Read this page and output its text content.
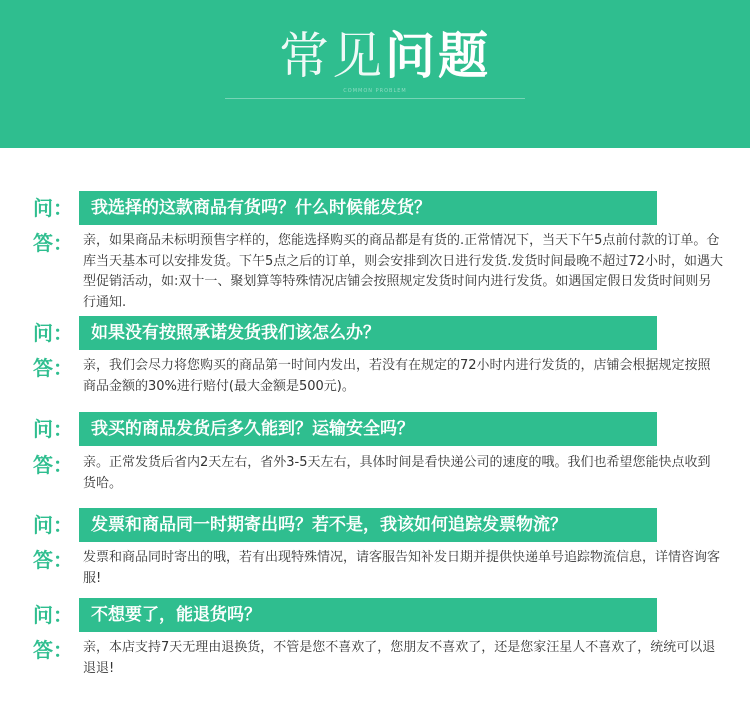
常见问题
COMMON PROBLEM
问：	我选择的这款商品有货吗？什么时候能发货？
答： 亲，如果商品未标明预售字样的，您能选择购买的商品都是有货的.正常情况下，当天下午5点前付款的订单。仓库当天基本可以安排发货。下午5点之后的订单，则会安排到次日进行发货.发货时间最晚不超过72小时，如遇大型促销活动，如:双十一、聚划算等特殊情况店铺会按照规定发货时间内进行发货。如遇国定假日发货时间则另行通知.
问：	如果没有按照承诺发货我们该怎么办？
答： 亲，我们会尽力将您购买的商品第一时间内发出，若没有在规定的72小时内进行发货的，店铺会根据规定按照商品金额的30%进行赔付(最大金额是500元)。
问：	我买的商品发货后多久能到？运输安全吗？
答： 亲。正常发货后省内2天左右，省外3-5天左右，具体时间是看快递公司的速度的哦。我们也希望您能快点收到货哈。
问：	发票和商品同一时期寄出吗？若不是，我该如何追踪发票物流？
答： 发票和商品同时寄出的哦，若有出现特殊情况，请客服告知补发日期并提供快递单号追踪物流信息，详情咨询客服!
问：	不想要了，能退货吗？
答： 亲，本店支持7天无理由退换货，不管是您不喜欢了，您朋友不喜欢了，还是您家汪星人不喜欢了，统统可以退退退!
